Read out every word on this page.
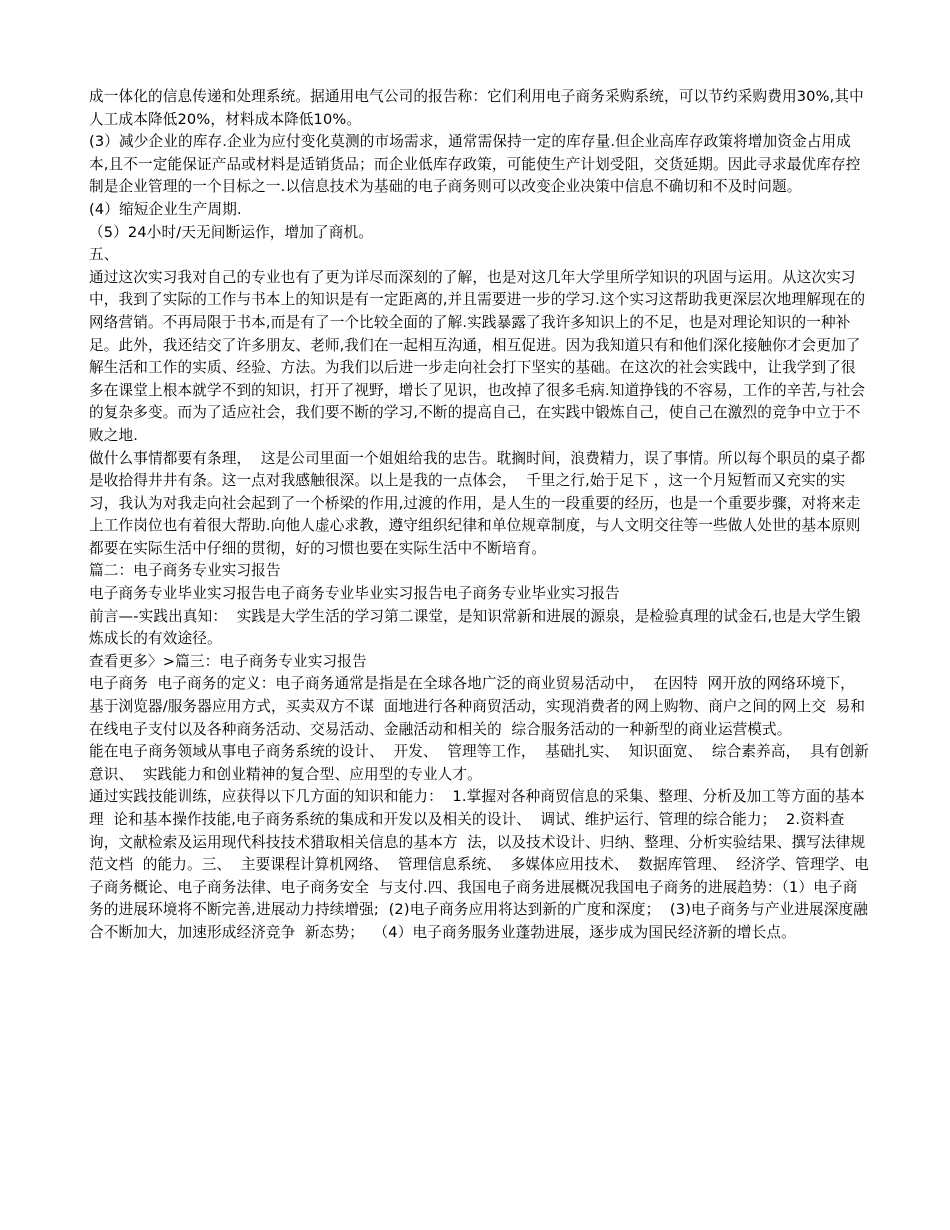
成一体化的信息传递和处理系统。据通用电气公司的报告称：它们利用电子商务采购系统，可以节约采购费用30%,其中人工成本降低20%，材料成本降低10%。

(3）减少企业的库存.企业为应付变化莫测的市场需求，通常需保持一定的库存量.但企业高库存政策将增加资金占用成本,且不一定能保证产品或材料是适销货品；而企业低库存政策，可能使生产计划受阻，交货延期。因此寻求最优库存控制是企业管理的一个目标之一.以信息技术为基础的电子商务则可以改变企业决策中信息不确切和不及时问题。

(4）缩短企业生产周期.

（5）24小时/天无间断运作，增加了商机。

五、

通过这次实习我对自己的专业也有了更为详尽而深刻的了解，也是对这几年大学里所学知识的巩固与运用。从这次实习中，我到了实际的工作与书本上的知识是有一定距离的,并且需要进一步的学习.这个实习这帮助我更深层次地理解现在的网络营销。不再局限于书本,而是有了一个比较全面的了解.实践暴露了我许多知识上的不足，也是对理论知识的一种补足。此外，我还结交了许多朋友、老师,我们在一起相互沟通，相互促进。因为我知道只有和他们深化接触你才会更加了解生活和工作的实质、经验、方法。为我们以后进一步走向社会打下坚实的基础。在这次的社会实践中，让我学到了很多在课堂上根本就学不到的知识，打开了视野，增长了见识，也改掉了很多毛病.知道挣钱的不容易，工作的辛苦,与社会的复杂多变。而为了适应社会，我们要不断的学习,不断的提高自己，在实践中锻炼自己，使自己在激烈的竞争中立于不败之地.

做什么事情都要有条理，  这是公司里面一个姐姐给我的忠告。耽搁时间，浪费精力，误了事情。所以每个职员的桌子都是收拾得井井有条。这一点对我感触很深。以上是我的一点体会，  千里之行,始于足下 ，这一个月短暂而又充实的实习，我认为对我走向社会起到了一个桥梁的作用,过渡的作用，是人生的一段重要的经历，也是一个重要步骤，对将来走上工作岗位也有着很大帮助.向他人虚心求教，遵守组织纪律和单位规章制度，与人文明交往等一些做人处世的基本原则都要在实际生活中仔细的贯彻，好的习惯也要在实际生活中不断培育。

篇二：电子商务专业实习报告

电子商务专业毕业实习报告电子商务专业毕业实习报告电子商务专业毕业实习报告

前言—-实践出真知：  实践是大学生活的学习第二课堂，是知识常新和进展的源泉，是检验真理的试金石,也是大学生锻炼成长的有效途径。

查看更多〉>篇三：电子商务专业实习报告

电子商务  电子商务的定义：电子商务通常是指是在全球各地广泛的商业贸易活动中，  在因特  网开放的网络环境下，基于浏览器/服务器应用方式，买卖双方不谋  面地进行各种商贸活动，实现消费者的网上购物、商户之间的网上交  易和在线电子支付以及各种商务活动、交易活动、金融活动和相关的  综合服务活动的一种新型的商业运营模式。

能在电子商务领域从事电子商务系统的设计、  开发、  管理等工作，  基础扎实、  知识面宽、  综合素养高，  具有创新意识、  实践能力和创业精神的复合型、应用型的专业人才。

通过实践技能训练，应获得以下几方面的知识和能力：  1.掌握对各种商贸信息的采集、整理、分析及加工等方面的基本理  论和基本操作技能,电子商务系统的集成和开发以及相关的设计、  调试、维护运行、管理的综合能力；  2.资料查询，文献检索及运用现代科技技术猎取相关信息的基本方  法，以及技术设计、归纳、整理、分析实验结果、撰写法律规范文档  的能力。三、  主要课程计算机网络、  管理信息系统、  多媒体应用技术、  数据库管理、  经济学、管理学、电子商务概论、电子商务法律、电子商务安全  与支付.四、我国电子商务进展概况我国电子商务的进展趋势：（1）电子商务的进展环境将不断完善,进展动力持续增强;  (2)电子商务应用将达到新的广度和深度；  (3)电子商务与产业进展深度融合不断加大，加速形成经济竞争  新态势；  （4）电子商务服务业蓬勃进展，逐步成为国民经济新的增长点。
